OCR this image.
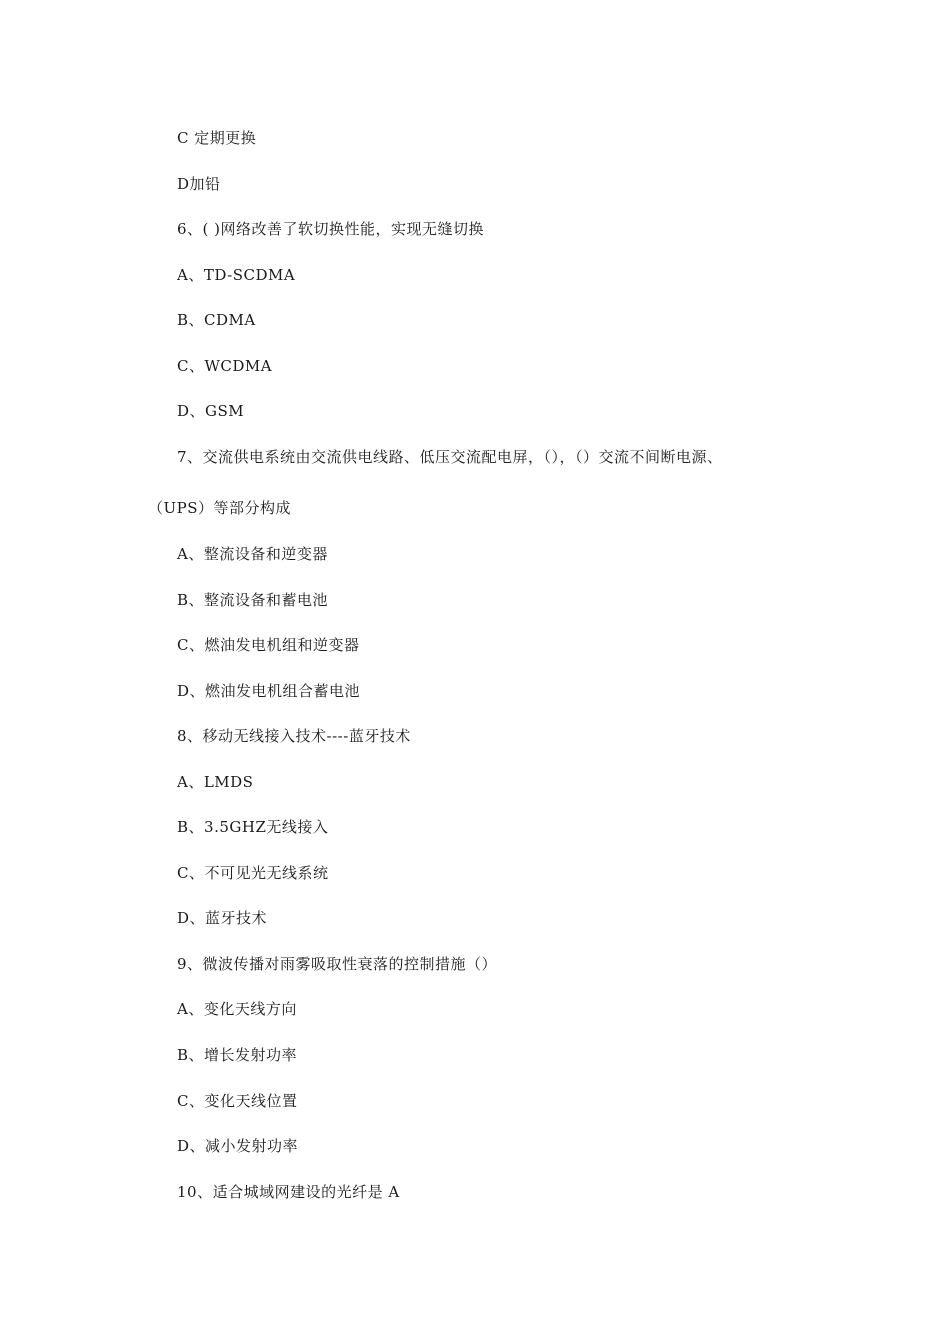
C 定期更换
D加铅
6、( )网络改善了软切换性能，实现无缝切换
A、TD-SCDMA
B、CDMA
C、WCDMA
D、GSM
7、交流供电系统由交流供电线路、低压交流配电屏，（），（）交流不间断电源、
（UPS）等部分构成
A、整流设备和逆变器
B、整流设备和蓄电池
C、燃油发电机组和逆变器
D、燃油发电机组合蓄电池
8、移动无线接入技术----蓝牙技术
A、LMDS
B、3.5GHZ无线接入
C、不可见光无线系统
D、蓝牙技术
9、微波传播对雨雾吸取性衰落的控制措施（）
A、变化天线方向
B、增长发射功率
C、变化天线位置
D、减小发射功率
10、适合城域网建设的光纤是 A
